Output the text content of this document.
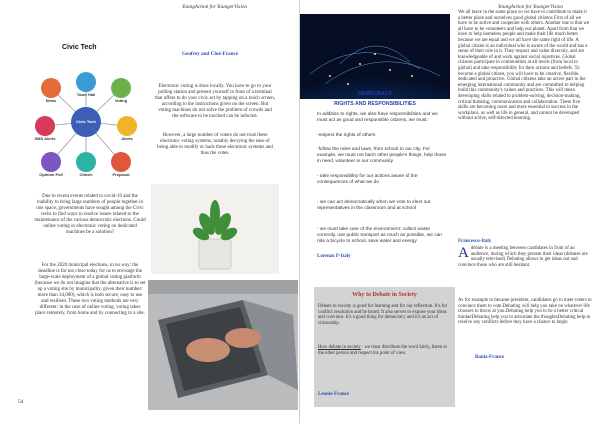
YoungAction for YoungerVision
Civic Tech
Civic Tech
News
Town Hall
Voting
SMS Alerts	Alerts
Opinion Poll	Citizen	Proposal
Geofrey and Cloé-France
Electronic voting is done locally. You have to go to your polling station and present yourself in front of a terminal that offers to do your civic act by tapping on a touch screen, according to the instructions given on the screen. But voting machines do not solve the problem of crowds and the software to be touched can be infected.
However, a large number of voters do not trust these electronic voting systems, notably decrying the ease of being able to modify or hack these electronic systems and thus the votes.
Due to recent events related to covid-19 and the inability to bring large numbers of people together in one space, governments have sought among the Civic techs to find ways to resolve issues related to the maintenance of the various democratic elections. Could online voting or electronic voting on dedicated machines be a solution?
For the 2020 municipal elections, in no way: the deadline is far too close today for us to envisage the large-scale deployment of a global voting platform (because we do not imagine that the alternative is to set up a voting site by municipality, given their number: more than 34,000), which is both secure, easy to use and resilient. These two voting methods are very different: in the case of online voting, voting takes place remotely, from home and by connecting to a site.
54
YoungAction for YoungerVision
DEMOCRACY
RIGHTS AND RESPONSIBILITIES
In addition to rights, we also have responsibilities and we must act as good and responsible citizens, we must:
-respect the rights of others
-follow the rules and laws, from school to our city. For example, we must not harm other people's things, help those in need, volunteer in our community
- take responsibility for our actions aware of the consequences of what we do
- we can act democratically when we vote to elect our representatives in the classroom and at school
- we must take care of the environment: collect waste correctly, use public transport as much as possible, we can ride a bicycle to school, save water and energy
Lorenzo P-Italy
Why to Debate in Society
Debate in society is good for learning and for our reflection. It's for conflict resolution and be heard. It also serves to expose your ideas and convince. It's a good thing for democracy and it's an act of citizenship.
How debate in society : we must distribute the word fairly, listen to the other person and respect his point of view.
Leonie-France
We all leave in the same place so we have to contribute to make it a better place and ourselves good global citizens First of all we have to be active and cooperate with others. Another one is that we all have to be volunteers and help our planet. Apart from that we have to help homeless people and make their life much better because we are equal and we all have the same right of life. A global citizen is an individual who is aware of the world and has a sense of their role in it. They respect and value diversity, and are knowledgeable of and work against social injustices. Global citizens participate in communities at all levels (from local to global) and take responsibility for their actions and beliefs. To become a global citizen, you will have to be creative, flexible, dedicated and proactive. Global citizens take an active part in the emerging international community and are committed to helping build this community's values and practices. This will mean developing skills related to problem-solving, decision-making, critical thinking, communication and collaboration. These five skills are becoming more and more essential to success in the workplace, as well as life in general, and cannot be developed without active, self-directed learning.
Francesco-Italy
A debate is a meeting between candidates in front of an audience, during which they present their ideas (debates are usually televised) Debating allows to get ideas out and convince those who are still hesitant.
As for example to became president, candidates go to meet voters to convince them to vote.Debating will help you take on whatever life chooses to throw at you.Debating help you to be a better critical thinkerDebating help you to articulate the thoughtsDebating help to resolve any conflicts before they have a chance to begin
Bania-France
